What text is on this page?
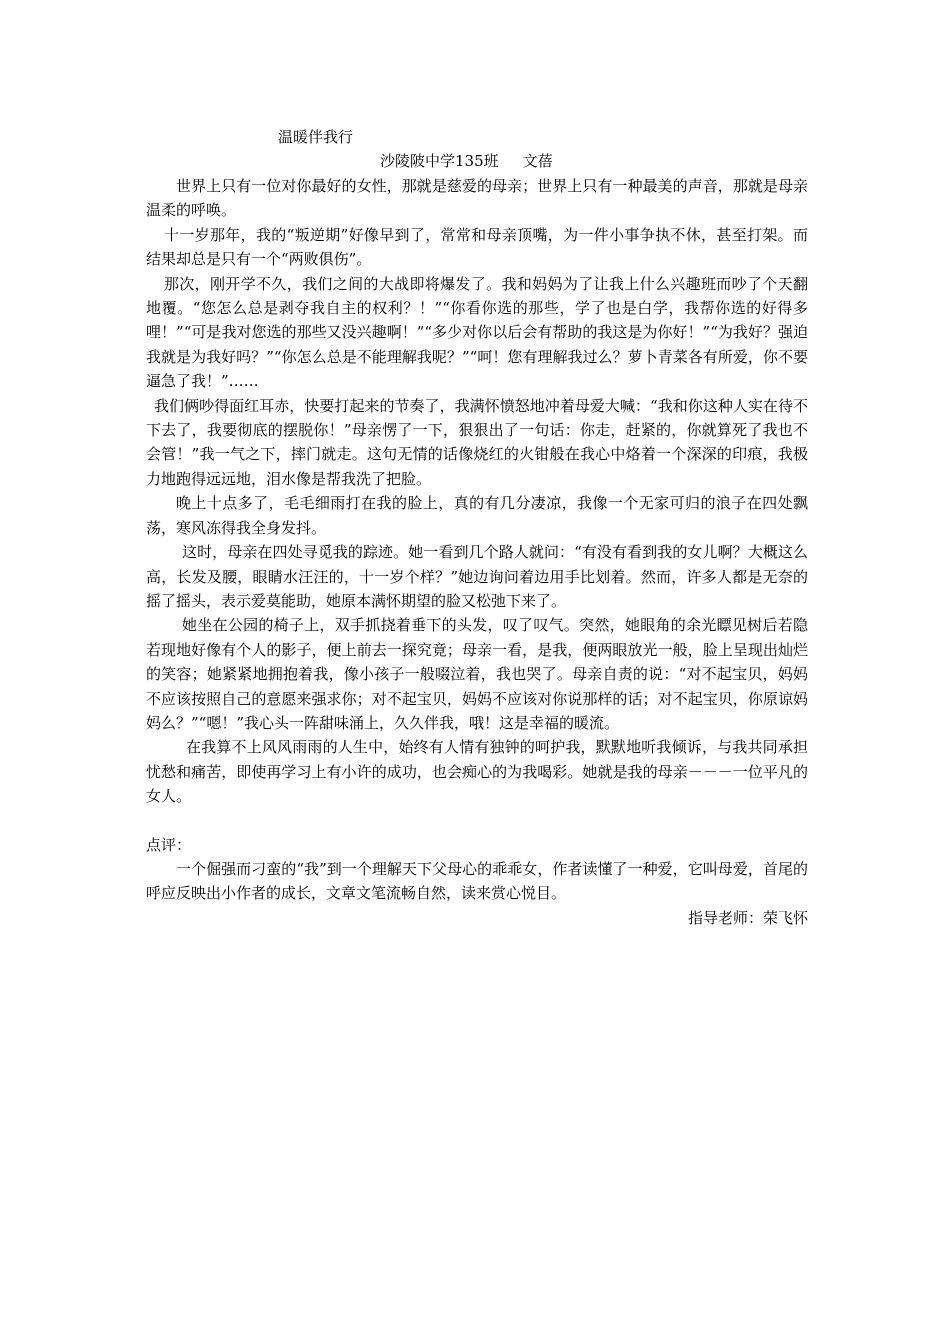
温暖伴我行
沙陵陂中学135班 文蓓

世界上只有一位对你最好的女性，那就是慈爱的母亲；世界上只有一种最美的声音，那就是母亲温柔的呼唤。

十一岁那年，我的“叛逆期”好像早到了，常常和母亲顶嘴，为一件小事争执不休，甚至打架。而结果却总是只有一个“两败俱伤”。

那次，刚开学不久，我们之间的大战即将爆发了。我和妈妈为了让我上什么兴趣班而吵了个天翻地覆。“您怎么总是剥夺我自主的权利？！”“你看你选的那些，学了也是白学，我帮你选的好得多哩！”“可是我对您选的那些又没兴趣啊！”“多少对你以后会有帮助的我这是为你好！”“为我好？强迫我就是为我好吗？”“你怎么总是不能理解我呢？”“呵！您有理解我过么？萝卜青菜各有所爱，你不要逼急了我！”……

我们俩吵得面红耳赤，快要打起来的节奏了，我满怀愤怒地冲着母爱大喊：“我和你这种人实在待不下去了，我要彻底的摆脱你！”母亲愣了一下，狠狠出了一句话：你走，赶紧的，你就算死了我也不会管！”我一气之下，摔门就走。这句无情的话像烧红的火钳般在我心中烙着一个深深的印痕，我极力地跑得远远地，泪水像是帮我洗了把脸。

晚上十点多了，毛毛细雨打在我的脸上，真的有几分凄凉，我像一个无家可归的浪子在四处飘荡，寒风冻得我全身发抖。

这时，母亲在四处寻觅我的踪迹。她一看到几个路人就问：“有没有看到我的女儿啊？大概这么高，长发及腰，眼睛水汪汪的，十一岁个样？”她边询问着边用手比划着。然而，许多人都是无奈的摇了摇头，表示爱莫能助，她原本满怀期望的脸又松弛下来了。

她坐在公园的椅子上，双手抓挠着垂下的头发，叹了叹气。突然，她眼角的余光瞟见树后若隐若现地好像有个人的影子，便上前去一探究竟；母亲一看，是我，便两眼放光一般，脸上呈现出灿烂的笑容；她紧紧地拥抱着我，像小孩子一般啜泣着，我也哭了。母亲自责的说：“对不起宝贝，妈妈不应该按照自己的意愿来强求你；对不起宝贝，妈妈不应该对你说那样的话；对不起宝贝，你原谅妈妈么？”“嗯！”我心头一阵甜味涌上，久久伴我，哦！这是幸福的暖流。

在我算不上风风雨雨的人生中，始终有人情有独钟的呵护我，默默地听我倾诉，与我共同承担忧愁和痛苦，即使再学习上有小许的成功，也会痴心的为我喝彩。她就是我的母亲－－－一位平凡的女人。

点评：

一个倔强而刁蛮的“我”到一个理解天下父母心的乖乖女，作者读懂了一种爱，它叫母爱，首尾的呼应反映出小作者的成长，文章文笔流畅自然，读来赏心悦目。

指导老师：荣飞怀
